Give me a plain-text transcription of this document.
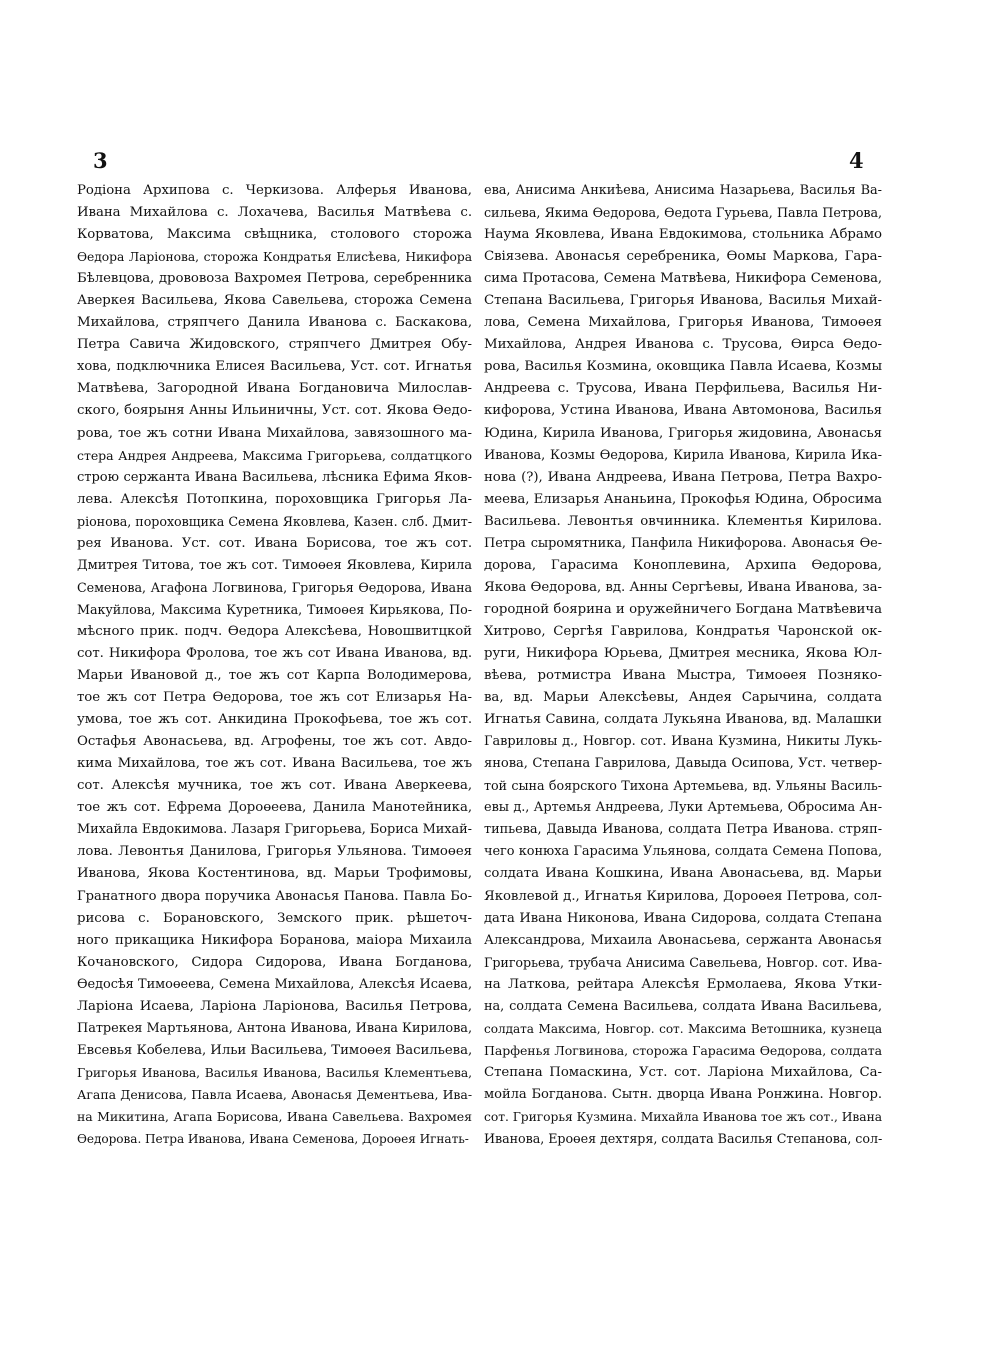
3	4
Родiона Архипова с. Черкизова. Алферья Иванова,
Ивана Михайлова с. Лохачева, Василья Матвѣева с.
Корватова, Максима свѣщника, столового сторожа
Өедора Ларiонова, сторожа Кондратья Елисѣева, Никифора
Бѣлевцова, дрововоза Вахромея Петрова, серебренника
Аверкея Васильева, Якова Савельева, сторожа Семена
Михайлова, стряпчего Данила Иванова с. Баскакова,
Петра Савича Жидовского, стряпчего Дмитрея Обу-
хова, подключника Елисея Васильева, Уст. сот. Игнатья
Матвѣева, Загородной Ивана Богдановича Милослав-
ского, боярыня Анны Ильиничны, Уст. сот. Якова Өедо-
рова, тое жъ сотни Ивана Михайлова, завязошного ма-
стера Андрея Андреева, Максима Григорьева, солдатцкого
строю сержанта Ивана Васильева, лѣсника Ефима Яков-
лева. Алексѣя Потопкина, пороховщика Григорья Ла-
рiонова, пороховщика Семена Яковлева, Казен. слб. Дмит-
рея Иванова. Уст. сот. Ивана Борисова, тое жъ сот.
Дмитрея Титова, тое жъ сот. Тимоөея Яковлева, Кирила
Семенова, Агафона Логвинова, Григорья Өедорова, Ивана
Макуйлова, Максима Куретника, Тимоөея Кирьякова, По-
мѣсного прик. подч. Өедора Алексѣева, Новошвитцкой
сот. Никифора Фролова, тое жъ сот Ивана Иванова, вд.
Марьи Ивановой д., тое жъ сот Карпа Володимерова,
тое жъ сот Петра Өедорова, тое жъ сот Елизарья На-
умова, тое жъ сот. Анкидина Прокофьева, тое жъ сот.
Остафья Авонасьева, вд. Агрофены, тое жъ сот. Авдо-
кима Михайлова, тое жъ сот. Ивана Васильева, тое жъ
сот. Алексѣя мучника, тое жъ сот. Ивана Аверкеева,
тое жъ сот. Ефрема Дороөеева, Данила Манотейника,
Михайла Евдокимова. Лазаря Григорьева, Бориса Михай-
лова. Левонтья Данилова, Григорья Ульянова. Тимоөея
Иванова, Якова Костентинова, вд. Марьи Трофимовы,
Гранатного двора поручика Авонасья Панова. Павла Бо-
рисова с. Борановского, Земского прик. рѣшеточ-
ного прикащика Никифора Боранова, маiора Михаила
Кочановского, Сидора Сидорова, Ивана Богданова,
Өедосѣя Тимоөеева, Семена Михайлова, Алексѣя Исаева,
Ларiона Исаева, Ларiона Ларiонова, Василья Петрова,
Патрекея Мартьянова, Антона Иванова, Ивана Кирилова,
Евсевья Кобелева, Ильи Васильева, Тимоөея Васильева,
Григорья Иванова, Василья Иванова, Василья Клементьева,
Агапа Денисова, Павла Исаева, Авонасья Дементьева, Ива-
на Микитина, Агапа Борисова, Ивана Савельева. Вахромея
Өедорова. Петра Иванова, Ивана Семенова, Дороөея Игнать-
ева, Анисима Анкиѣева, Анисима Назарьева, Василья Ва-
сильева, Якима Өедорова, Өедота Гурьева, Павла Петрова,
Наума Яковлева, Ивана Евдокимова, стольника Абрамо
Свiязева. Авонасья серебреника, Өомы Маркова, Гара-
сима Протасова, Семена Матвѣева, Никифора Семенова,
Степана Васильева, Григорья Иванова, Василья Михай-
лова, Семена Михайлова, Григорья Иванова, Тимоөея
Михайлова, Андрея Иванова с. Трусова, Өирса Өедо-
рова, Василья Козмина, оковщика Павла Исаева, Козмы
Андреева с. Трусова, Ивана Перфильева, Василья Ни-
кифорова, Устина Иванова, Ивана Автомонова, Василья
Юдина, Кирила Иванова, Григорья жидовина, Авонасья
Иванова, Козмы Өедорова, Кирила Иванова, Кирила Ика-
нова (?), Ивана Андреева, Ивана Петрова, Петра Вахро-
меева, Елизарья Ананьина, Прокофья Юдина, Обросима
Васильева. Левонтья овчинника. Клементья Кирилова.
Петра сыромятника, Панфила Никифорова. Авонасья Өе-
дорова, Гарасима Коноплевина, Архипа Өедорова,
Якова Өедорова, вд. Анны Сергѣевы, Ивана Иванова, за-
городной боярина и оружейничего Богдана Матвѣевича
Хитрово, Сергѣя Гаврилова, Кондратья Чаронской ок-
руги, Никифора Юрьева, Дмитрея месника, Якова Юл-
вѣева, ротмистра Ивана Мыстра, Тимоөея Позняко-
ва, вд. Марьи Алексѣевы, Андея Сарычина, солдата
Игнатья Савина, солдата Лукьяна Иванова, вд. Малашки
Гавриловы д., Новгор. сот. Ивана Кузмина, Никиты Лукь-
янова, Степана Гаврилова, Давыда Осипова, Уст. четвер-
той сына боярского Тихона Артемьева, вд. Ульяны Василь-
евы д., Артемья Андреева, Луки Артемьева, Обросима Ан-
типьева, Давыда Иванова, солдата Петра Иванова. стряп-
чего конюха Гарасима Ульянова, солдата Семена Попова,
солдата Ивана Кошкина, Ивана Авонасьева, вд. Марьи
Яковлевой д., Игнатья Кирилова, Дороөея Петрова, сол-
дата Ивана Никонова, Ивана Сидорова, солдата Степана
Александрова, Михаила Авонасьева, сержанта Авонасья
Григорьева, трубача Анисима Савельева, Новгор. сот. Ива-
на Латкова, рейтара Алексѣя Ермолаева, Якова Утки-
на, солдата Семена Васильева, солдата Ивана Васильева,
солдата Максима, Новгор. сот. Максима Ветошника, кузнеца
Парфенья Логвинова, сторожа Гарасима Өедорова, солдата
Степана Помаскина, Уст. сот. Ларiона Михайлова, Са-
мойла Богданова. Сытн. дворца Ивана Ронжина. Новгор.
сот. Григорья Кузмина. Михайла Иванова тое жъ сот., Ивана
Иванова, Ероөея дехтяря, солдата Василья Степанова, сол-
